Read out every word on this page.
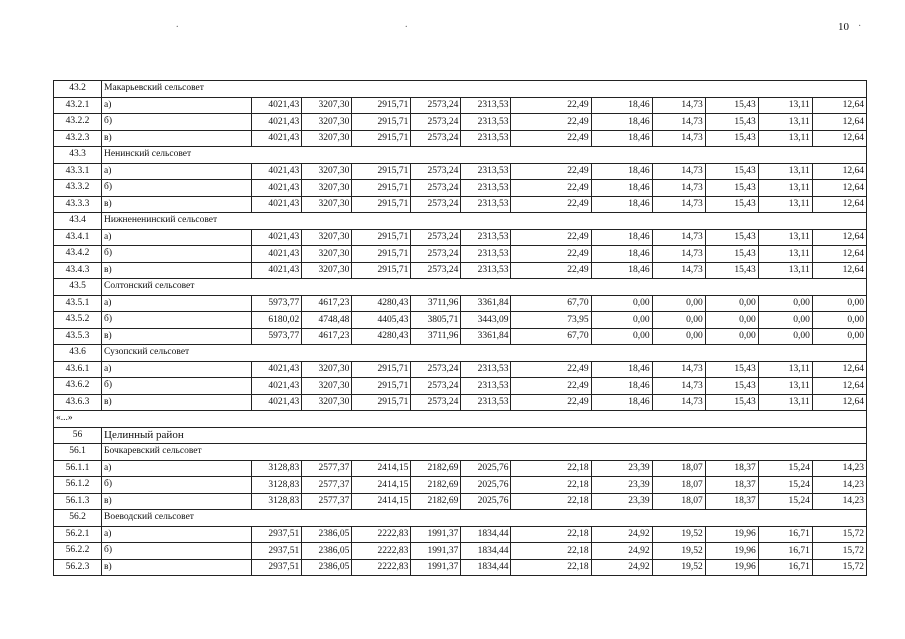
.	.	10 ·
43.2	Макарьевский сельсовет											
43.2.1	а)	4021,43	3207,30	2915,71	2573,24	2313,53	22,49	18,46	14,73	15,43	13,11	12,64
43.2.2	б)	4021,43	3207,30	2915,71	2573,24	2313,53	22,49	18,46	14,73	15,43	13,11	12,64
43.2.3	в)	4021,43	3207,30	2915,71	2573,24	2313,53	22,49	18,46	14,73	15,43	13,11	12,64
43.3	Ненинский сельсовет											
43.3.1	а)	4021,43	3207,30	2915,71	2573,24	2313,53	22,49	18,46	14,73	15,43	13,11	12,64
43.3.2	б)	4021,43	3207,30	2915,71	2573,24	2313,53	22,49	18,46	14,73	15,43	13,11	12,64
43.3.3	в)	4021,43	3207,30	2915,71	2573,24	2313,53	22,49	18,46	14,73	15,43	13,11	12,64
43.4	Нижнененинский сельсовет											
43.4.1	а)	4021,43	3207,30	2915,71	2573,24	2313,53	22,49	18,46	14,73	15,43	13,11	12,64
43.4.2	б)	4021,43	3207,30	2915,71	2573,24	2313,53	22,49	18,46	14,73	15,43	13,11	12,64
43.4.3	в)	4021,43	3207,30	2915,71	2573,24	2313,53	22,49	18,46	14,73	15,43	13,11	12,64
43.5	Солтонский сельсовет											
43.5.1	а)	5973,77	4617,23	4280,43	3711,96	3361,84	67,70	0,00	0,00	0,00	0,00	0,00
43.5.2	б)	6180,02	4748,48	4405,43	3805,71	3443,09	73,95	0,00	0,00	0,00	0,00	0,00
43.5.3	в)	5973,77	4617,23	4280,43	3711,96	3361,84	67,70	0,00	0,00	0,00	0,00	0,00
43.6	Сузопский сельсовет											
43.6.1	а)	4021,43	3207,30	2915,71	2573,24	2313,53	22,49	18,46	14,73	15,43	13,11	12,64
43.6.2	б)	4021,43	3207,30	2915,71	2573,24	2313,53	22,49	18,46	14,73	15,43	13,11	12,64
43.6.3	в)	4021,43	3207,30	2915,71	2573,24	2313,53	22,49	18,46	14,73	15,43	13,11	12,64
«...»												
56	Целинный район											
56.1	Бочкаревский сельсовет											
56.1.1	а)	3128,83	2577,37	2414,15	2182,69	2025,76	22,18	23,39	18,07	18,37	15,24	14,23
56.1.2	б)	3128,83	2577,37	2414,15	2182,69	2025,76	22,18	23,39	18,07	18,37	15,24	14,23
56.1.3	в)	3128,83	2577,37	2414,15	2182,69	2025,76	22,18	23,39	18,07	18,37	15,24	14,23
56.2	Воеводский сельсовет											
56.2.1	а)	2937,51	2386,05	2222,83	1991,37	1834,44	22,18	24,92	19,52	19,96	16,71	15,72
56.2.2	б)	2937,51	2386,05	2222,83	1991,37	1834,44	22,18	24,92	19,52	19,96	16,71	15,72
56.2.3	в)	2937,51	2386,05	2222,83	1991,37	1834,44	22,18	24,92	19,52	19,96	16,71	15,72
